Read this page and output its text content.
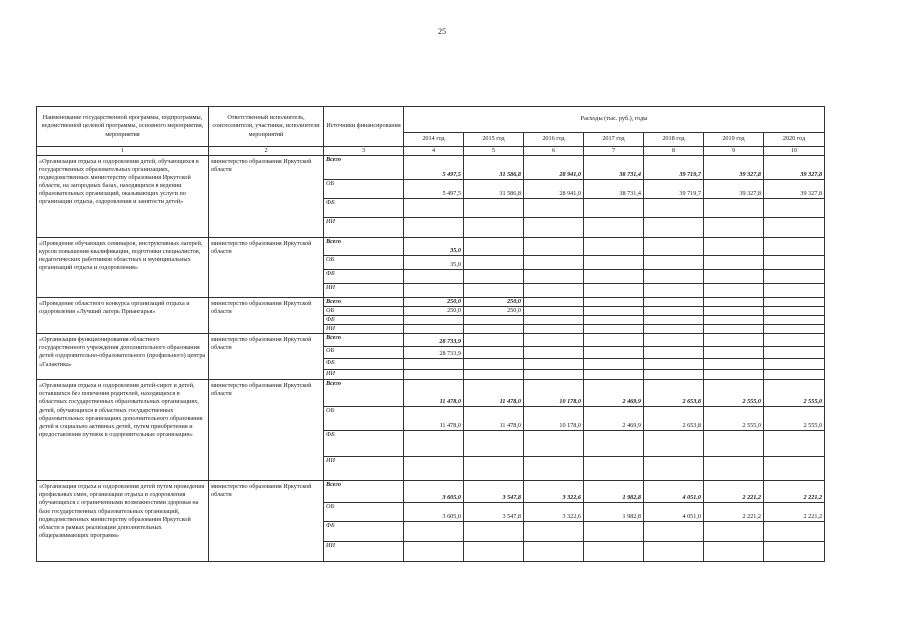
25
Наименование государственной программы, подпрограммы, ведомственной целевой программы, основного мероприятия, мероприятия	Ответственный исполнитель, соисполнители, участники, исполнители мероприятий	Источники финансирования	Расходы (тыс. руб.), годы						
			2014 год	2015 год	2016 год	2017 год	2018 год	2019 год	2020 год
1	2	3	4	5	6	7	8	9	10
«Организация отдыха и оздоровления детей, обучающихся в государственных образовательных организациях, подведомственных министерству образования Иркутской области, на загородных базах, находящихся в ведении образовательных организаций, оказывающих услуги по организации отдыха, оздоровления и занятости детей»	министерство образования Иркутской области	Всего	5 497,5	31 586,8	28 941,0	38 731,4	39 719,7	39 327,8	39 327,8
		ОБ	5 497,5	31 586,8	28 941,0	38 731,4	39 719,7	39 327,8	39 327,8
		ФБ							
		ИИ							
«Проведение обучающих семинаров, инструктивных лагерей, курсов повышения квалификации, подготовки специалистов, педагогических работников областных и муниципальных организаций отдыха и оздоровления»	министерство образования Иркутской области	Всего	35,0						
		ОБ	35,0						
		ФБ							
		ИИ							
«Проведение областного конкурса организаций отдыха и оздоровления «Лучший лагерь Приангарья»	министерство образования Иркутской области	Всего	250,0	250,0					
		ОБ	250,0	250,0					
		ФБ							
		ИИ							
«Организация функционирования областного государственного учреждения дополнительного образования детей оздоровительно-образовательного (профильного) центра «Галактика»	министерство образования Иркутской области	Всего	28 733,9						
		ОБ	28 733,9						
		ФБ							
		ИИ							
«Организация отдыха и оздоровления детей-сирот и детей, оставшихся без попечения родителей, находящихся в областных государственных образовательных организациях, детей, обучающихся в областных государственных образовательных организациях дополнительного образования детей и социально активных детей, путем приобретения и предоставления путевок в оздоровительные организации»	министерство образования Иркутской области	Всего	11 478,0	11 478,0	10 178,0	2 469,9	2 653,8	2 555,0	2 555,0
		ОБ	11 478,0	11 478,0	10 178,0	2 469,9	2 653,8	2 555,0	2 555,0
		ФБ							
		ИИ							
«Организация отдыха и оздоровления детей путем проведения профильных смен, организации отдыха и оздоровления обучающихся с ограниченными возможностями здоровья на базе государственных образовательных организаций, подведомственных министерству образования Иркутской области в рамках реализации дополнительных общеразвивающих программ»	министерство образования Иркутской области	Всего	3 605,0	3 547,8	3 322,6	1 982,8	4 051,0	2 221,2	2 221,2
		ОБ	3 605,0	3 547,8	3 322,6	1 982,8	4 051,0	2 221,2	2 221,2
		ФБ							
		ИИ							
